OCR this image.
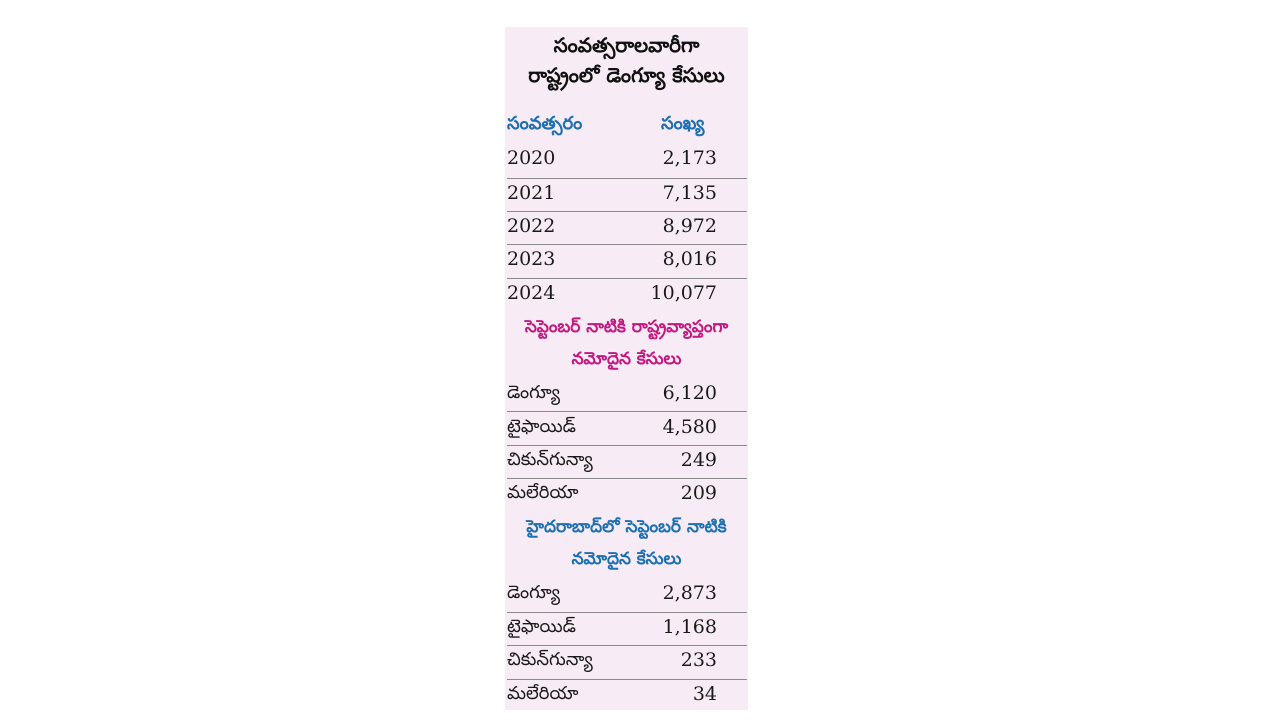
సంవత్సరాలవారీగా
రాష్ట్రంలో డెంగ్యూ కేసులు
సంవత్సరం	సంఖ్య
2020	2,173
2021	7,135
2022	8,972
2023	8,016
2024	10,077
సెప్టెంబర్ నాటికి రాష్ట్రవ్యాప్తంగా
నమోదైన కేసులు
డెంగ్యూ	6,120
టైఫాయిడ్	4,580
చికున్‌గున్యా	249
మలేరియా	209
హైదరాబాద్‌లో సెప్టెంబర్ నాటికి
నమోదైన కేసులు
డెంగ్యూ	2,873
టైఫాయిడ్	1,168
చికున్‌గున్యా	233
మలేరియా	34
